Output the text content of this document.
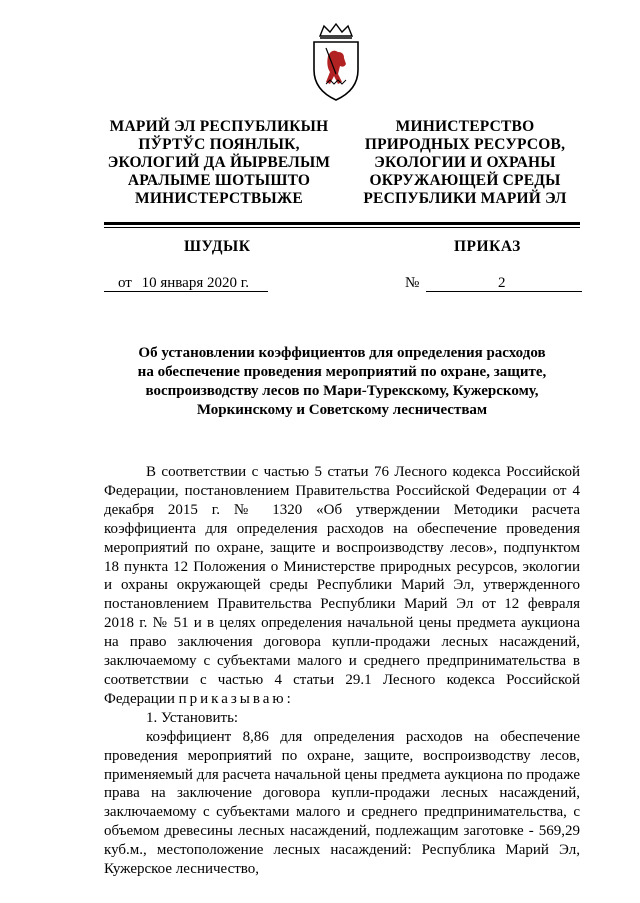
МАРИЙ ЭЛ РЕСПУБЛИКЫН
ПЎРТЎС ПОЯНЛЫК,
ЭКОЛОГИЙ ДА ЙЫРВЕЛЫМ
АРАЛЫМЕ ШОТЫШТО
МИНИСТЕРСТВЫЖЕ
МИНИСТЕРСТВО
ПРИРОДНЫХ РЕСУРСОВ,
ЭКОЛОГИИ И ОХРАНЫ
ОКРУЖАЮЩЕЙ СРЕДЫ
РЕСПУБЛИКИ МАРИЙ ЭЛ
ШУДЫК	ПРИКАЗ
от 10 января 2020 г.	№	2
Об установлении коэффициентов для определения расходов
на обеспечение проведения мероприятий по охране, защите,
воспроизводству лесов по Мари-Турекскому, Кужерскому,
Моркинскому и Советскому лесничествам

В соответствии с частью 5 статьи 76 Лесного кодекса Российской Федерации, постановлением Правительства Российской Федерации от 4 декабря 2015 г. № 1320 «Об утверждении Методики расчета коэффициента для определения расходов на обеспечение проведения мероприятий по охране, защите и воспроизводству лесов», подпунктом 18 пункта 12 Положения о Министерстве природных ресурсов, экологии и охраны окружающей среды Республики Марий Эл, утвержденного постановлением Правительства Республики Марий Эл от 12 февраля 2018 г. № 51 и в целях определения начальной цены предмета аукциона на право заключения договора купли-продажи лесных насаждений, заключаемому с субъектами малого и среднего предпринимательства в соответствии с частью 4 статьи 29.1 Лесного кодекса Российской Федерации приказываю:

1. Установить:

коэффициент 8,86 для определения расходов на обеспечение проведения мероприятий по охране, защите, воспроизводству лесов, применяемый для расчета начальной цены предмета аукциона по продаже права на заключение договора купли-продажи лесных насаждений, заключаемому с субъектами малого и среднего предпринимательства, с объемом древесины лесных насаждений, подлежащим заготовке - 569,29 куб.м., местоположение лесных насаждений: Республика Марий Эл, Кужерское лесничество,
